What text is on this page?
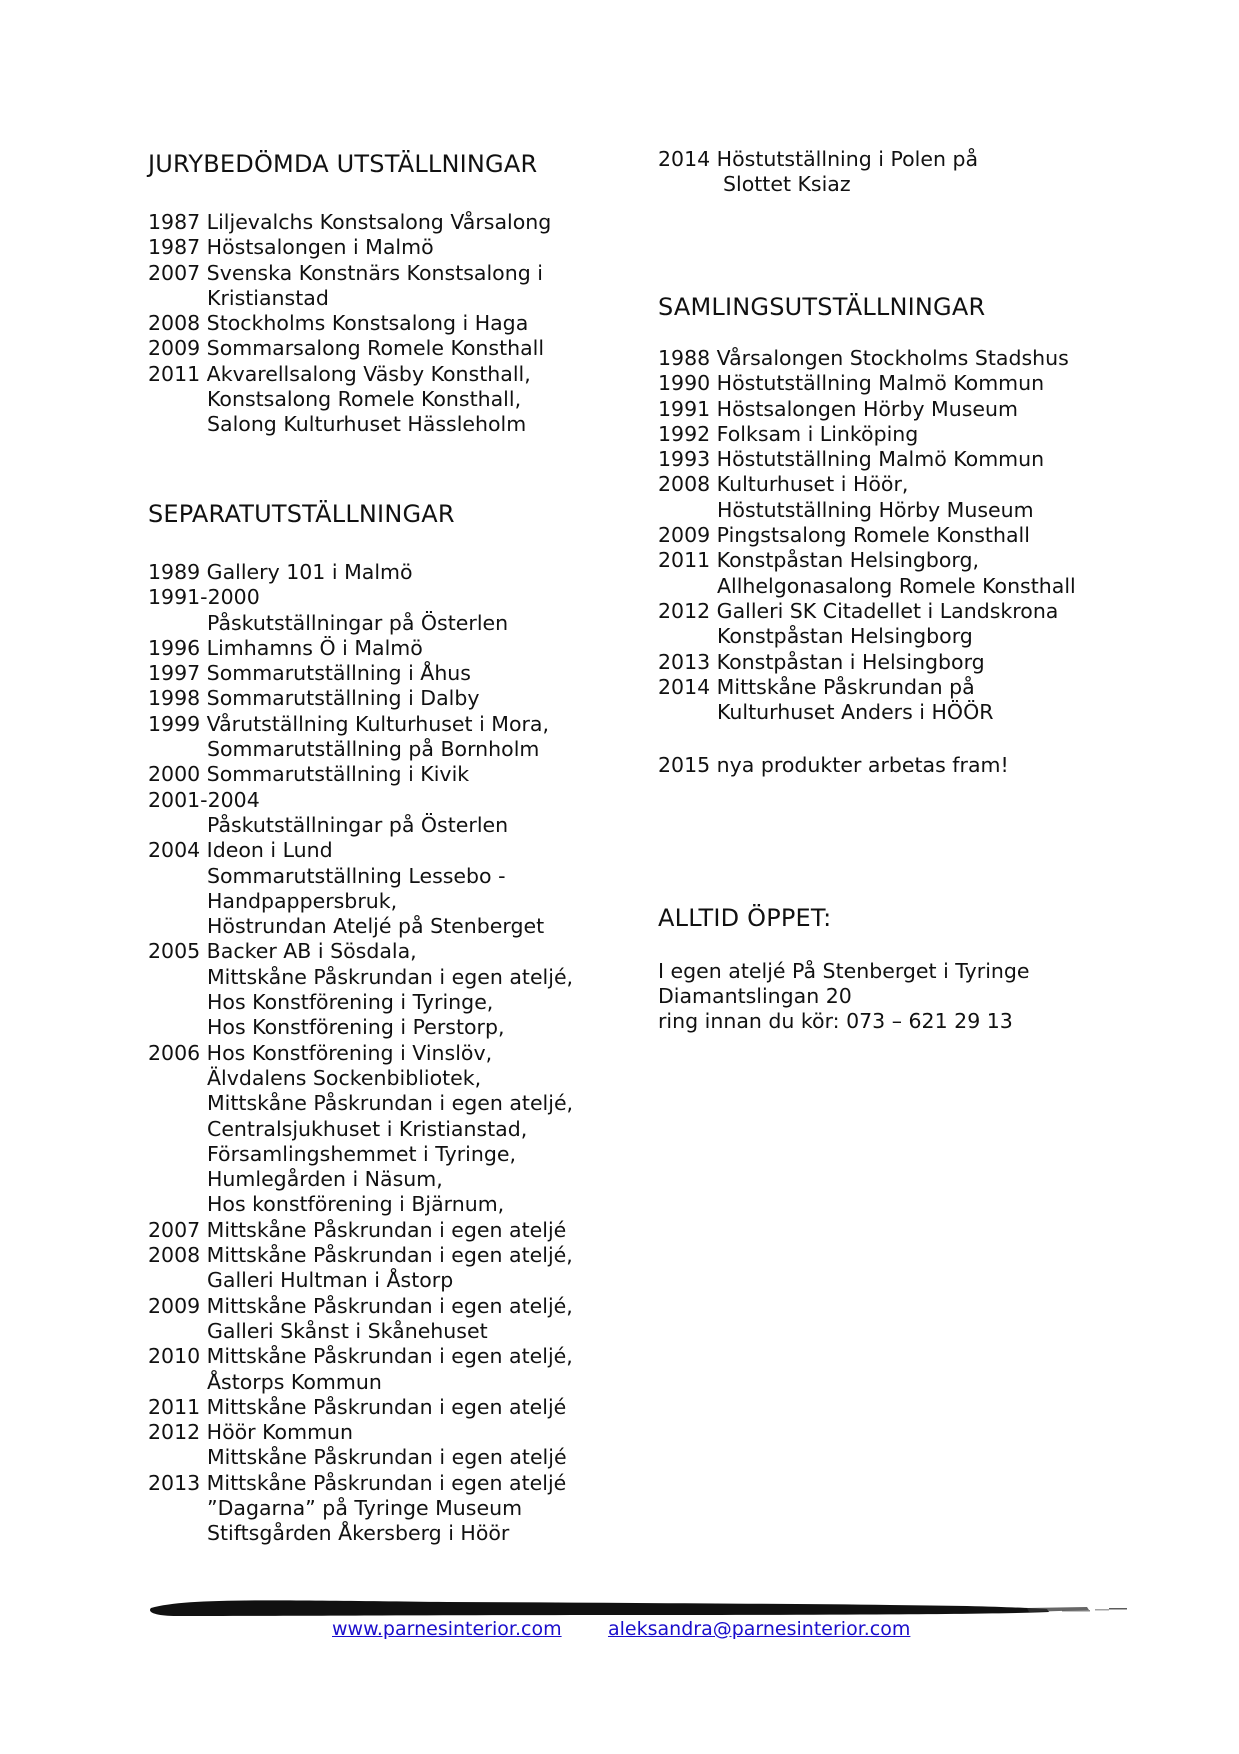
JURYBEDÖMDA UTSTÄLLNINGAR
1987 Liljevalchs Konstsalong Vårsalong
1987 Höstsalongen i Malmö
2007 Svenska Konstnärs Konstsalong i
Kristianstad
2008 Stockholms Konstsalong i Haga
2009 Sommarsalong Romele Konsthall
2011 Akvarellsalong Väsby Konsthall,
Konstsalong Romele Konsthall,
Salong Kulturhuset Hässleholm
SEPARATUTSTÄLLNINGAR
1989 Gallery 101 i Malmö
1991-2000
Påskutställningar på Österlen
1996 Limhamns Ö i Malmö
1997 Sommarutställning i Åhus
1998 Sommarutställning i Dalby
1999 Vårutställning Kulturhuset i Mora,
Sommarutställning på Bornholm
2000 Sommarutställning i Kivik
2001-2004
Påskutställningar på Österlen
2004 Ideon i Lund
Sommarutställning Lessebo -
Handpappersbruk,
Höstrundan Ateljé på Stenberget
2005 Backer AB i Sösdala,
Mittskåne Påskrundan i egen ateljé,
Hos Konstförening i Tyringe,
Hos Konstförening i Perstorp,
2006 Hos Konstförening i Vinslöv,
Älvdalens Sockenbibliotek,
Mittskåne Påskrundan i egen ateljé,
Centralsjukhuset i Kristianstad,
Församlingshemmet i Tyringe,
Humlegården i Näsum,
Hos konstförening i Bjärnum,
2007 Mittskåne Påskrundan i egen ateljé
2008 Mittskåne Påskrundan i egen ateljé,
Galleri Hultman i Åstorp
2009 Mittskåne Påskrundan i egen ateljé,
Galleri Skånst i Skånehuset
2010 Mittskåne Påskrundan i egen ateljé,
Åstorps Kommun
2011 Mittskåne Påskrundan i egen ateljé
2012 Höör Kommun
Mittskåne Påskrundan i egen ateljé
2013 Mittskåne Påskrundan i egen ateljé
”Dagarna” på Tyringe Museum
Stiftsgården Åkersberg i Höör
2014 Höstutställning i Polen på
Slottet Ksiaz
SAMLINGSUTSTÄLLNINGAR
1988 Vårsalongen Stockholms Stadshus
1990 Höstutställning Malmö Kommun
1991 Höstsalongen Hörby Museum
1992 Folksam i Linköping
1993 Höstutställning Malmö Kommun
2008 Kulturhuset i Höör,
Höstutställning Hörby Museum
2009 Pingstsalong Romele Konsthall
2011 Konstpåstan Helsingborg,
Allhelgonasalong Romele Konsthall
2012 Galleri SK Citadellet i Landskrona
Konstpåstan Helsingborg
2013 Konstpåstan i Helsingborg
2014 Mittskåne Påskrundan på
Kulturhuset Anders i HÖÖR

2015 nya produkter arbetas fram!

ALLTID ÖPPET:

I egen ateljé På Stenberget i Tyringe

Diamantslingan 20

ring innan du kör: 073 – 621 29 13

www.parnesinterior.com aleksandra@parnesinterior.com
